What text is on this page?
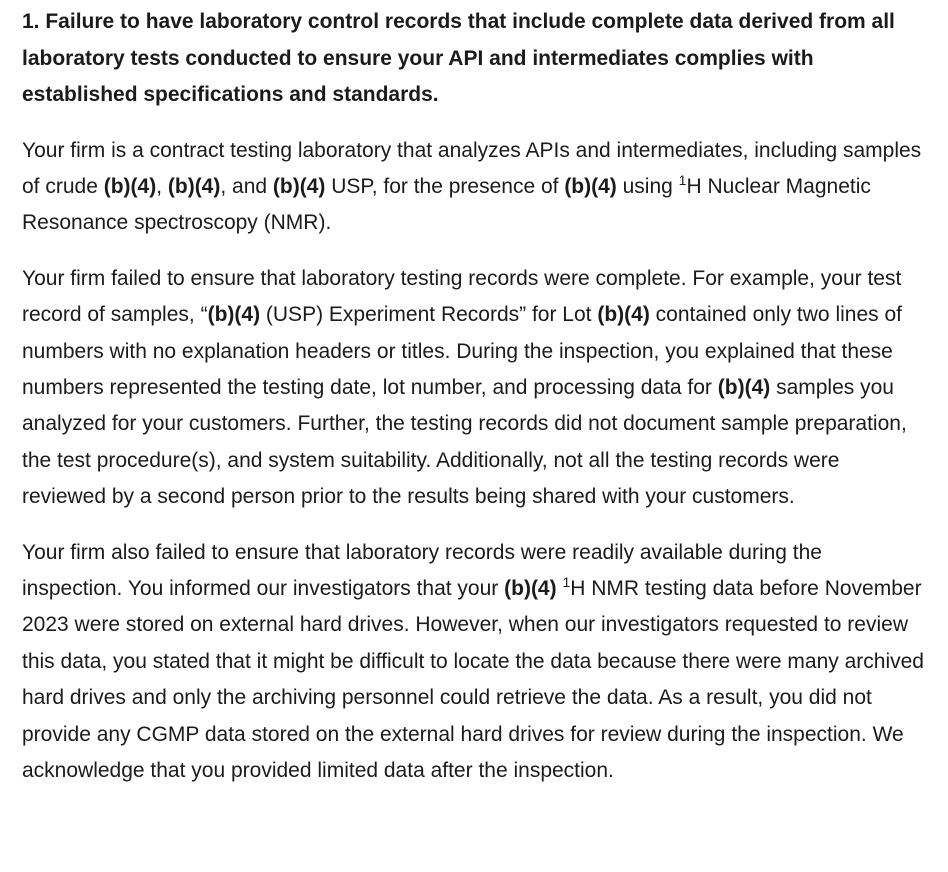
1. Failure to have laboratory control records that include complete data derived from all laboratory tests conducted to ensure your API and intermediates complies with established specifications and standards.

Your firm is a contract testing laboratory that analyzes APIs and intermediates, including samples of crude (b)(4), (b)(4), and (b)(4) USP, for the presence of (b)(4) using $^1$H Nuclear Magnetic Resonance spectroscopy (NMR).

Your firm failed to ensure that laboratory testing records were complete. For example, your test record of samples, “(b)(4) (USP) Experiment Records” for Lot (b)(4) contained only two lines of numbers with no explanation headers or titles. During the inspection, you explained that these numbers represented the testing date, lot number, and processing data for (b)(4) samples you analyzed for your customers. Further, the testing records did not document sample preparation, the test procedure(s), and system suitability. Additionally, not all the testing records were reviewed by a second person prior to the results being shared with your customers.

Your firm also failed to ensure that laboratory records were readily available during the inspection. You informed our investigators that your (b)(4) $^1$H NMR testing data before November 2023 were stored on external hard drives. However, when our investigators requested to review this data, you stated that it might be difficult to locate the data because there were many archived hard drives and only the archiving personnel could retrieve the data. As a result, you did not provide any CGMP data stored on the external hard drives for review during the inspection. We acknowledge that you provided limited data after the inspection.
